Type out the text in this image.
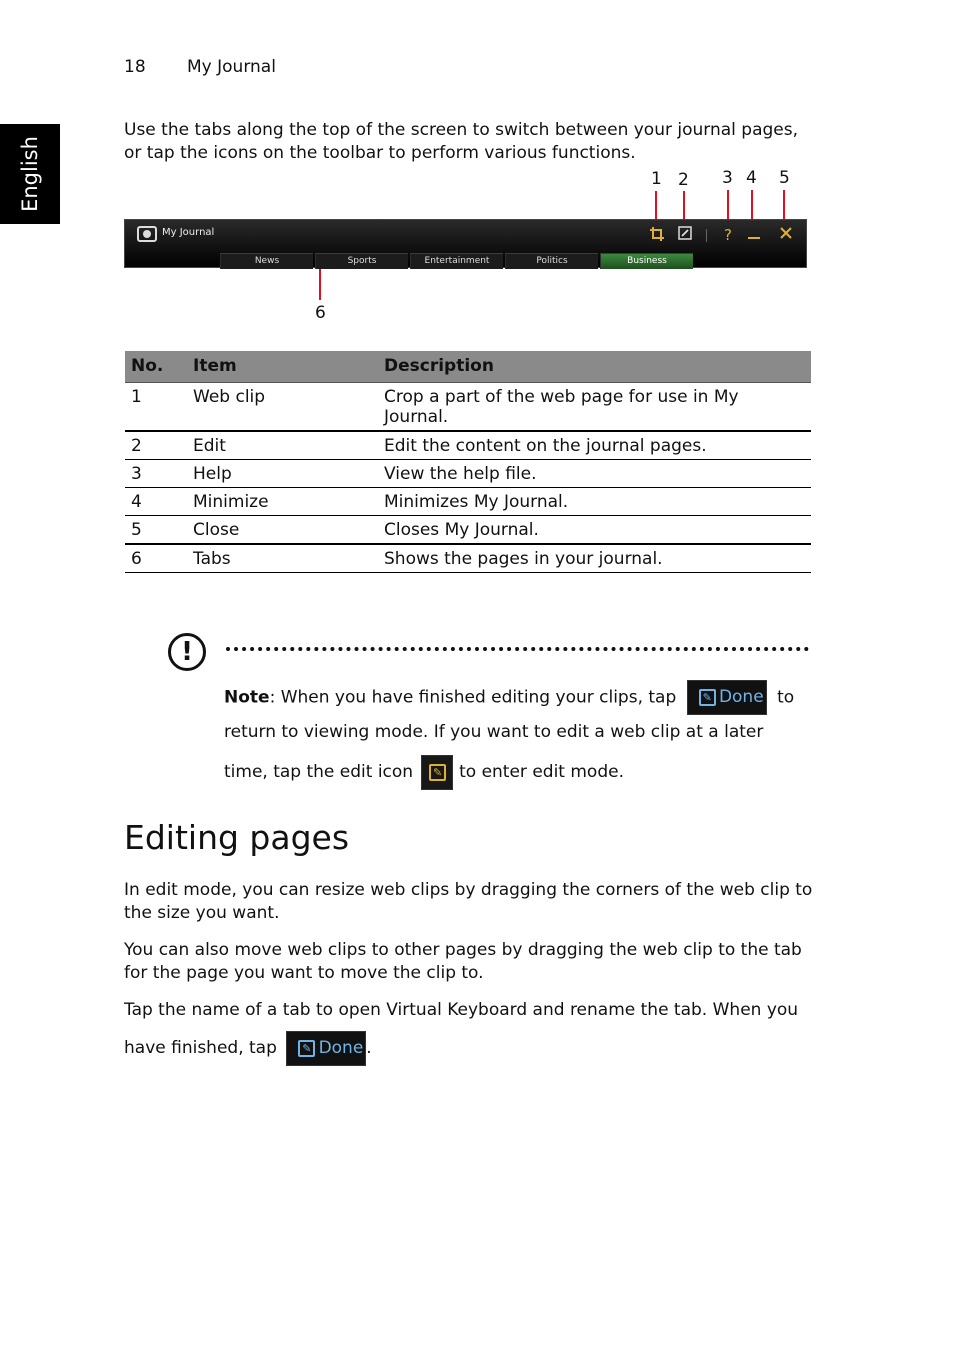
18 My Journal
English
Use the tabs along the top of the screen to switch between your journal pages, or tap the icons on the toolbar to perform various functions.
1 2 3 4 5
6
My Journal
News	Sports	Entertainment	Politics	Business
?
No.	Item	Description
1	Web clip	Crop a part of the web page for use in My Journal.
2	Edit	Edit the content on the journal pages.
3	Help	View the help file.
4	Minimize	Minimizes My Journal.
5	Close	Closes My Journal.
6	Tabs	Shows the pages in your journal.
!
Note: When you have finished editing your clips, tap	✎ Done to
return to viewing mode. If you want to edit a web clip at a later
time, tap the edit icon	✎ to enter edit mode.
Editing pages
In edit mode, you can resize web clips by dragging the corners of the web clip to the size you want.
You can also move web clips to other pages by dragging the web clip to the tab for the page you want to move the clip to.
Tap the name of a tab to open Virtual Keyboard and rename the tab. When you
have finished, tap	✎ Done .
